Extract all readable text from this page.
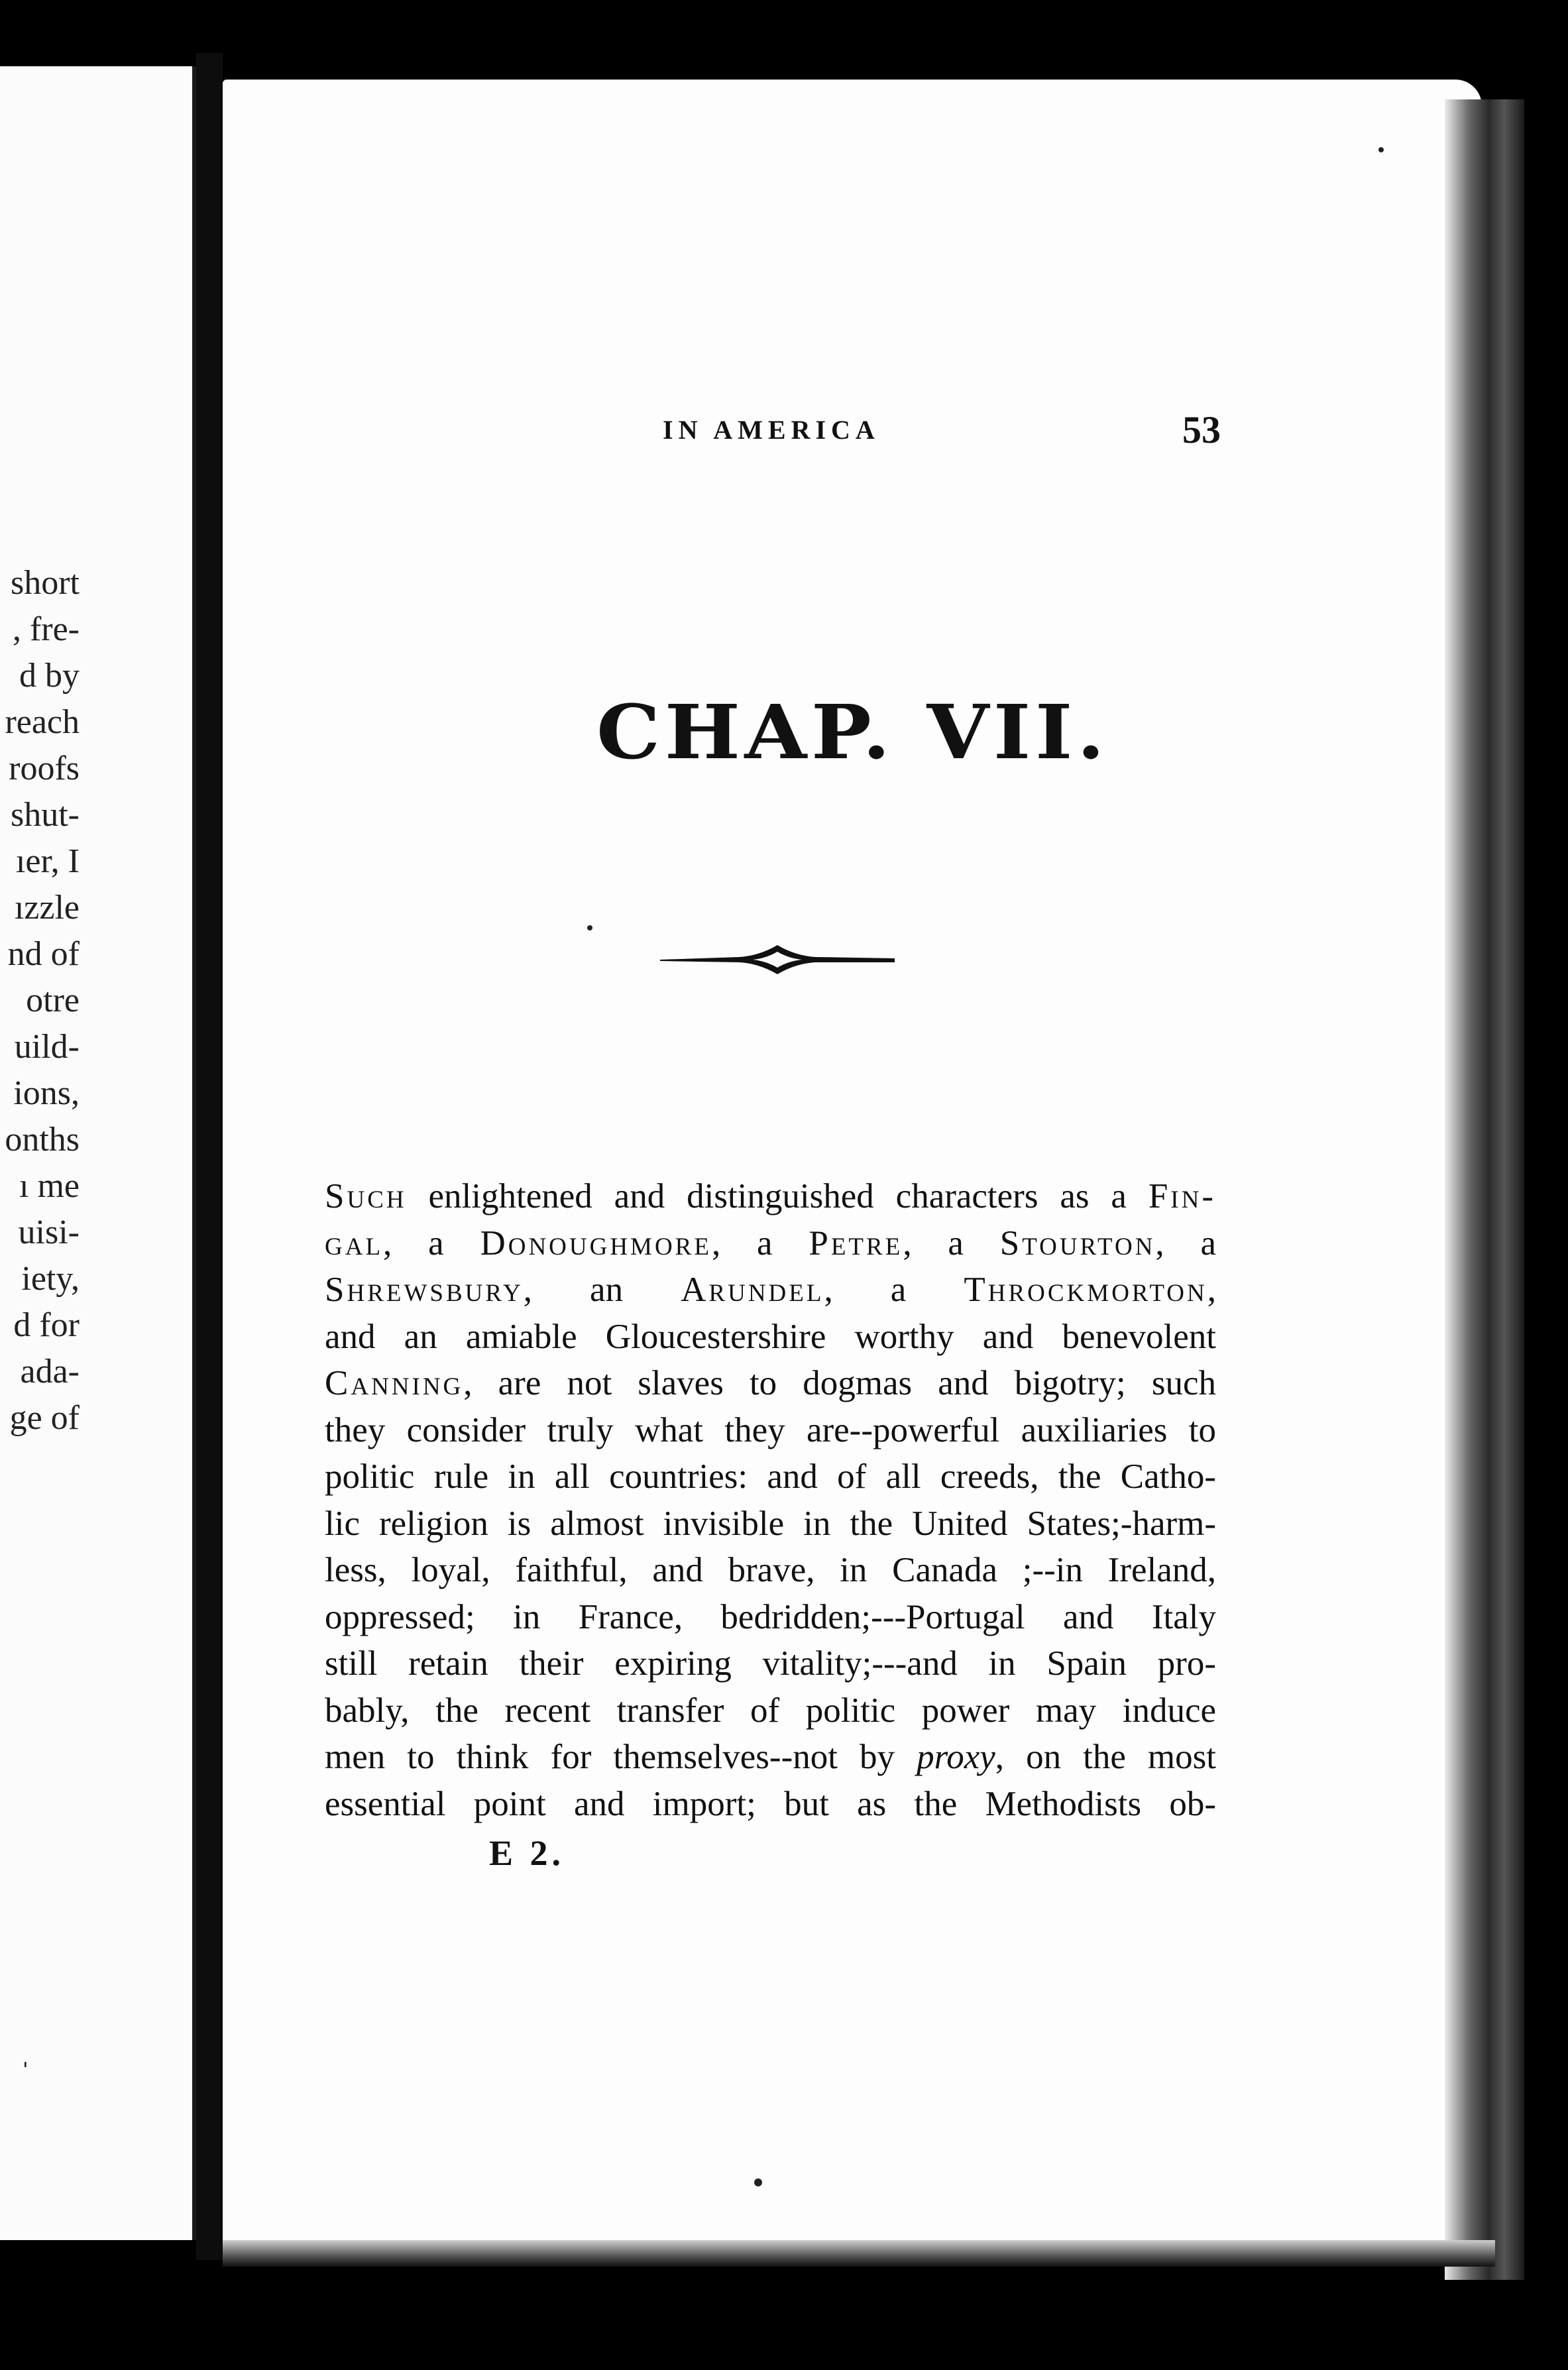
short
, fre-
d by
reach
roofs
shut-
ıer, I
ızzle
nd of
otre
uild-
ions,
onths
ı me
uisi-
iety,
d for
ada-
ge of
ˈ
IN AMERICA	53
CHAP. VII.
Such enlightened and distinguished characters as a Fin-
gal, a Donoughmore, a Petre, a Stourton, a
Shrewsbury, an Arundel, a Throckmorton,
and an amiable Gloucestershire worthy and benevolent
Canning, are not slaves to dogmas and bigotry; such
they consider truly what they are--powerful auxiliaries to
politic rule in all countries: and of all creeds, the Catho-
lic religion is almost invisible in the United States;-harm-
less, loyal, faithful, and brave, in Canada ;--in Ireland,
oppressed; in France, bedridden;---Portugal and Italy
still retain their expiring vitality;---and in Spain pro-
bably, the recent transfer of politic power may induce
men to think for themselves--not by proxy, on the most
essential point and import; but as the Methodists ob-
E 2.
